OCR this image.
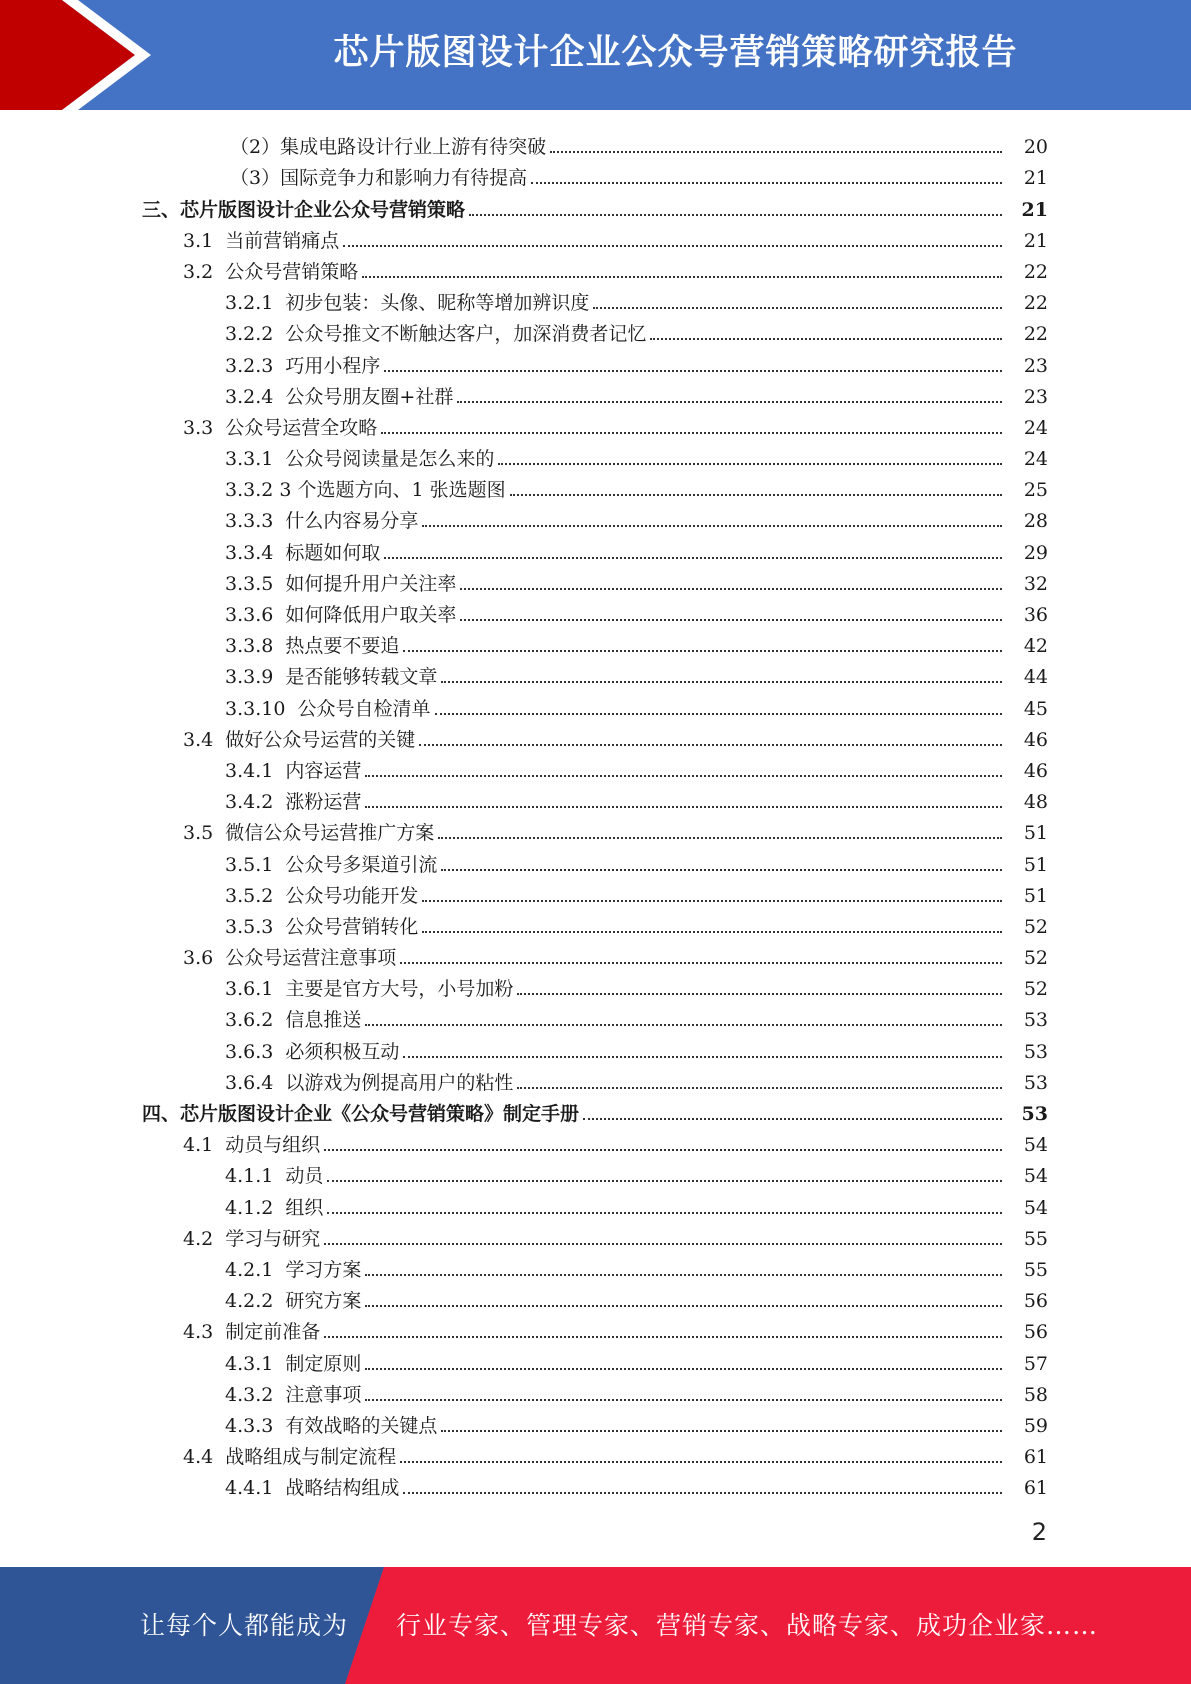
芯片版图设计企业公众号营销策略研究报告
（2）集成电路设计行业上游有待突破	20
（3）国际竞争力和影响力有待提高	21
三、芯片版图设计企业公众号营销策略	21
3.1  当前营销痛点	21
3.2  公众号营销策略	22
3.2.1  初步包装：头像、昵称等增加辨识度	22
3.2.2  公众号推文不断触达客户，加深消费者记忆	22
3.2.3  巧用小程序	23
3.2.4  公众号朋友圈+社群	23
3.3  公众号运营全攻略	24
3.3.1  公众号阅读量是怎么来的	24
3.3.2 3 个选题方向、1 张选题图	25
3.3.3  什么内容易分享	28
3.3.4  标题如何取	29
3.3.5  如何提升用户关注率	32
3.3.6  如何降低用户取关率	36
3.3.8  热点要不要追	42
3.3.9  是否能够转载文章	44
3.3.10  公众号自检清单	45
3.4  做好公众号运营的关键	46
3.4.1  内容运营	46
3.4.2  涨粉运营	48
3.5  微信公众号运营推广方案	51
3.5.1  公众号多渠道引流	51
3.5.2  公众号功能开发	51
3.5.3  公众号营销转化	52
3.6  公众号运营注意事项	52
3.6.1  主要是官方大号，小号加粉	52
3.6.2  信息推送	53
3.6.3  必须积极互动	53
3.6.4  以游戏为例提高用户的粘性	53
四、芯片版图设计企业《公众号营销策略》制定手册	53
4.1  动员与组织	54
4.1.1  动员	54
4.1.2  组织	54
4.2  学习与研究	55
4.2.1  学习方案	55
4.2.2  研究方案	56
4.3  制定前准备	56
4.3.1  制定原则	57
4.3.2  注意事项	58
4.3.3  有效战略的关键点	59
4.4  战略组成与制定流程	61
4.4.1  战略结构组成	61
2
让每个人都能成为 行业专家、管理专家、营销专家、战略专家、成功企业家……
